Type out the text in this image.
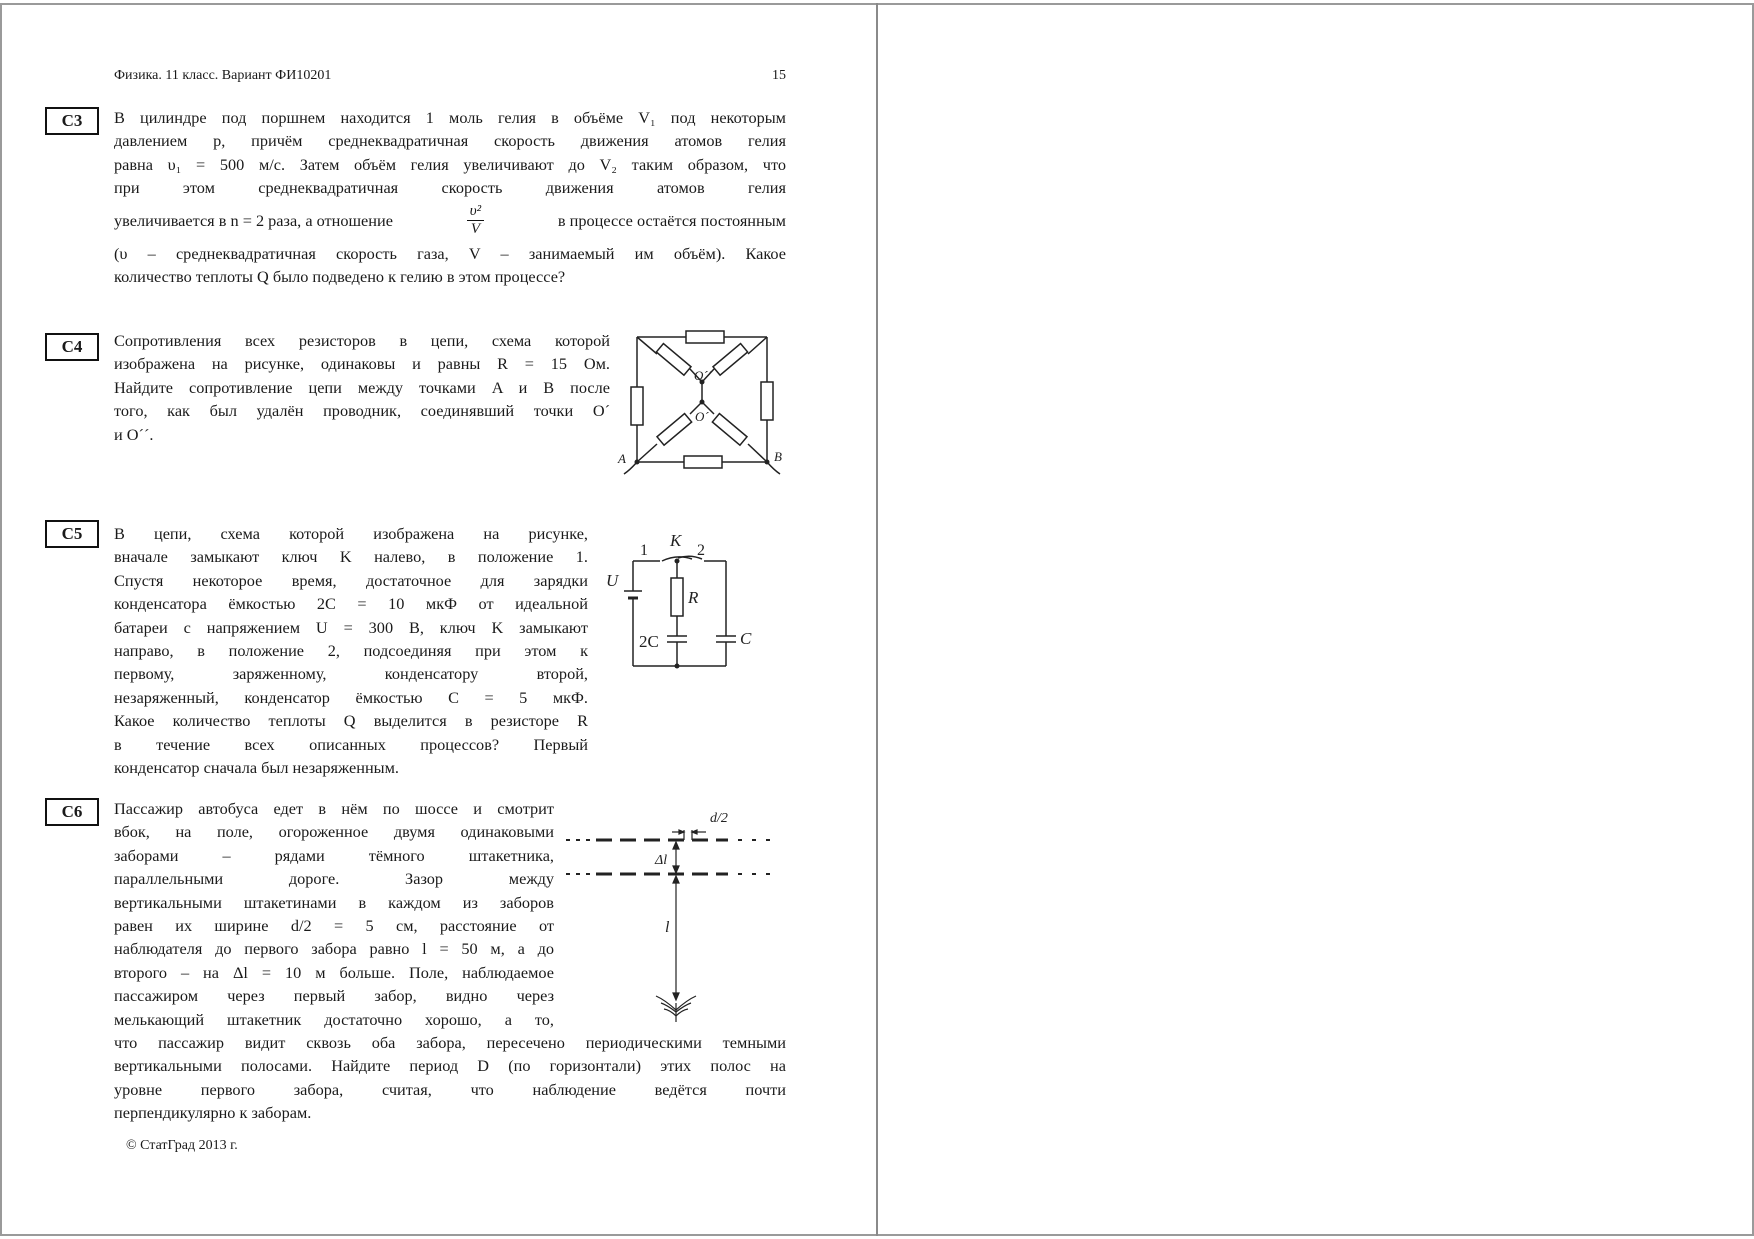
Физика. 11 класс. Вариант ФИ10201	15
С3	В цилиндре под поршнем находится 1 моль гелия в объёме V₁ под некоторым
давлением p, причём среднеквадратичная скорость движения атомов гелия
равна υ₁ = 500 м/с. Затем объём гелия увеличивают до V₂ таким образом, что
при этом среднеквадратичная скорость движения атомов гелия
увеличивается в n = 2 раза, а отношение	$\frac{\text{υ²}}{V}$	в процессе остаётся постоянным
(υ – среднеквадратичная скорость газа, V – занимаемый им объём). Какое
количество теплоты Q было подведено к гелию в этом процессе?
С4	Сопротивления всех резисторов в цепи, схема которой
изображена на рисунке, одинаковы и равны R = 15 Ом.
Найдите сопротивление цепи между точками A и B после
того, как был удалён проводник, соединявший точки O´
и O´´.
O´´
O´
A	B
С5	В цепи, схема которой изображена на рисунке,
вначале замыкают ключ K налево, в положение 1.
Спустя некоторое время, достаточное для зарядки
конденсатора ёмкостью 2C = 10 мкФ от идеальной
батареи с напряжением U = 300 В, ключ K замыкают
направо, в положение 2, подсоединяя при этом к
первому, заряженному, конденсатору второй,
незаряженный, конденсатор ёмкостью C = 5 мкФ.
Какое количество теплоты Q выделится в резисторе R
в течение всех описанных процессов? Первый
конденсатор сначала был незаряженным.
1
K
2
U
R
2C	C
С6	Пассажир автобуса едет в нём по шоссе и смотрит
вбок, на поле, огороженное двумя одинаковыми
заборами – рядами тёмного штакетника,
параллельными дороге. Зазор между
вертикальными штакетинами в каждом из заборов
равен их ширине d/2 = 5 см, расстояние от
наблюдателя до первого забора равно l = 50 м, а до
второго – на Δl = 10 м больше. Поле, наблюдаемое
пассажиром через первый забор, видно через
мелькающий штакетник достаточно хорошо, а то,
что пассажир видит сквозь оба забора, пересечено периодическими темными
вертикальными полосами. Найдите период D (по горизонтали) этих полос на
уровне первого забора, считая, что наблюдение ведётся почти
перпендикулярно к заборам.
d/2
Δl
l
© СтатГрад 2013 г.
